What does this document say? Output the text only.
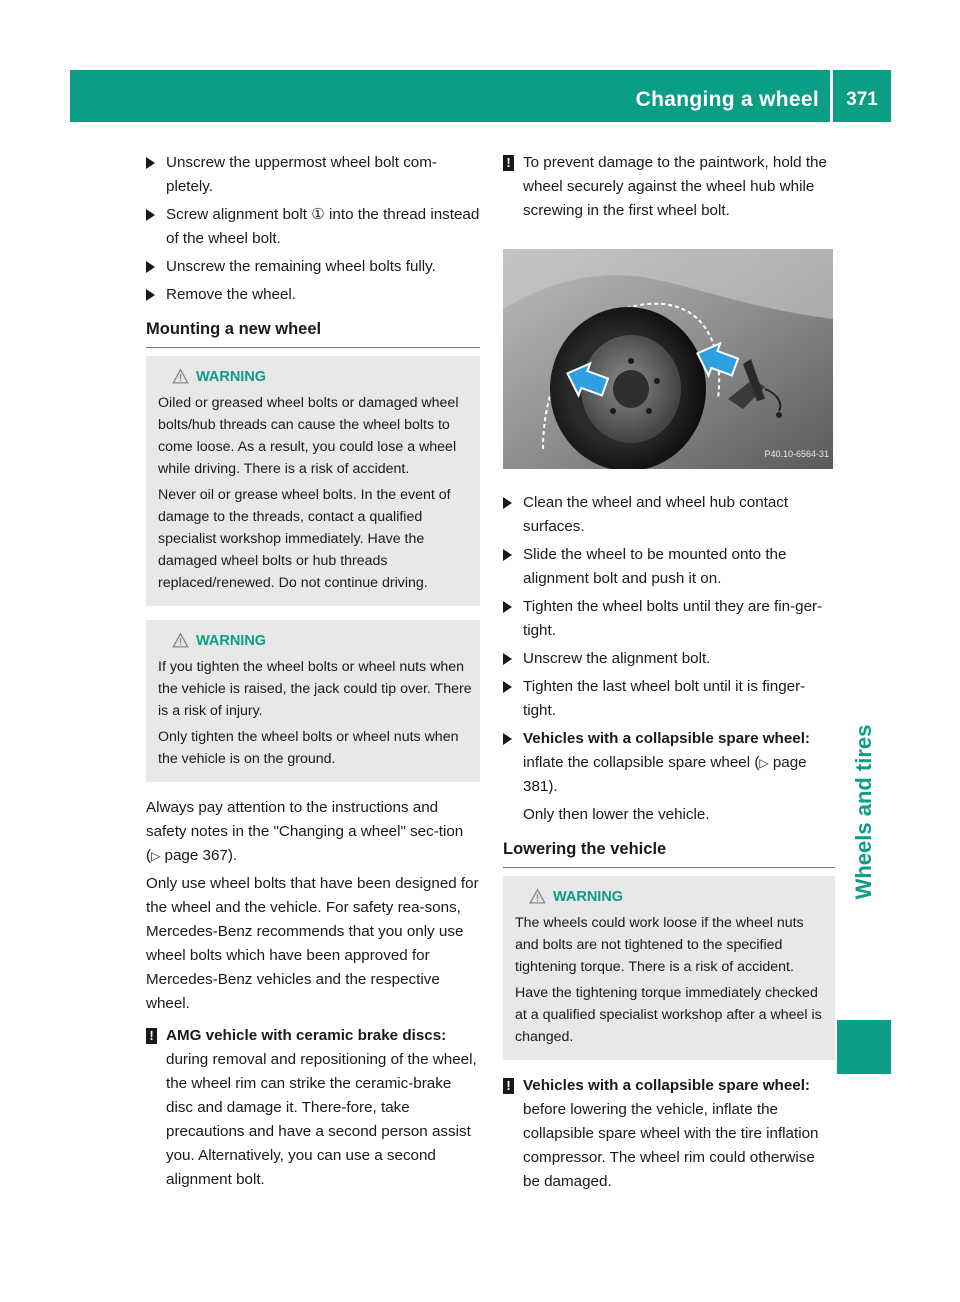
Changing a wheel	371
Wheels and tires
Unscrew the uppermost wheel bolt com-pletely.
Screw alignment bolt ① into the thread instead of the wheel bolt.
Unscrew the remaining wheel bolts fully.
Remove the wheel.
Mounting a new wheel
WARNING

Oiled or greased wheel bolts or damaged wheel bolts/hub threads can cause the wheel bolts to come loose. As a result, you could lose a wheel while driving. There is a risk of accident.

Never oil or grease wheel bolts. In the event of damage to the threads, contact a qualified specialist workshop immediately. Have the damaged wheel bolts or hub threads replaced/renewed. Do not continue driving.

WARNING

If you tighten the wheel bolts or wheel nuts when the vehicle is raised, the jack could tip over. There is a risk of injury.

Only tighten the wheel bolts or wheel nuts when the vehicle is on the ground.

Always pay attention to the instructions and safety notes in the "Changing a wheel" sec-tion (▷ page 367).

Only use wheel bolts that have been designed for the wheel and the vehicle. For safety rea-sons, Mercedes-Benz recommends that you only use wheel bolts which have been approved for Mercedes-Benz vehicles and the respective wheel.

! AMG vehicle with ceramic brake discs: during removal and repositioning of the wheel, the wheel rim can strike the ceramic-brake disc and damage it. There-fore, take precautions and have a second person assist you. Alternatively, you can use a second alignment bolt.
! To prevent damage to the paintwork, hold the wheel securely against the wheel hub while screwing in the first wheel bolt.
P40.10-6564-31
Clean the wheel and wheel hub contact surfaces.
Slide the wheel to be mounted onto the alignment bolt and push it on.
Tighten the wheel bolts until they are fin-ger-tight.
Unscrew the alignment bolt.
Tighten the last wheel bolt until it is finger-tight.
Vehicles with a collapsible spare wheel: inflate the collapsible spare wheel (▷ page 381).

Only then lower the vehicle.

Lowering the vehicle
WARNING

The wheels could work loose if the wheel nuts and bolts are not tightened to the specified tightening torque. There is a risk of accident.

Have the tightening torque immediately checked at a qualified specialist workshop after a wheel is changed.

! Vehicles with a collapsible spare wheel: before lowering the vehicle, inflate the collapsible spare wheel with the tire inflation compressor. The wheel rim could otherwise be damaged.
